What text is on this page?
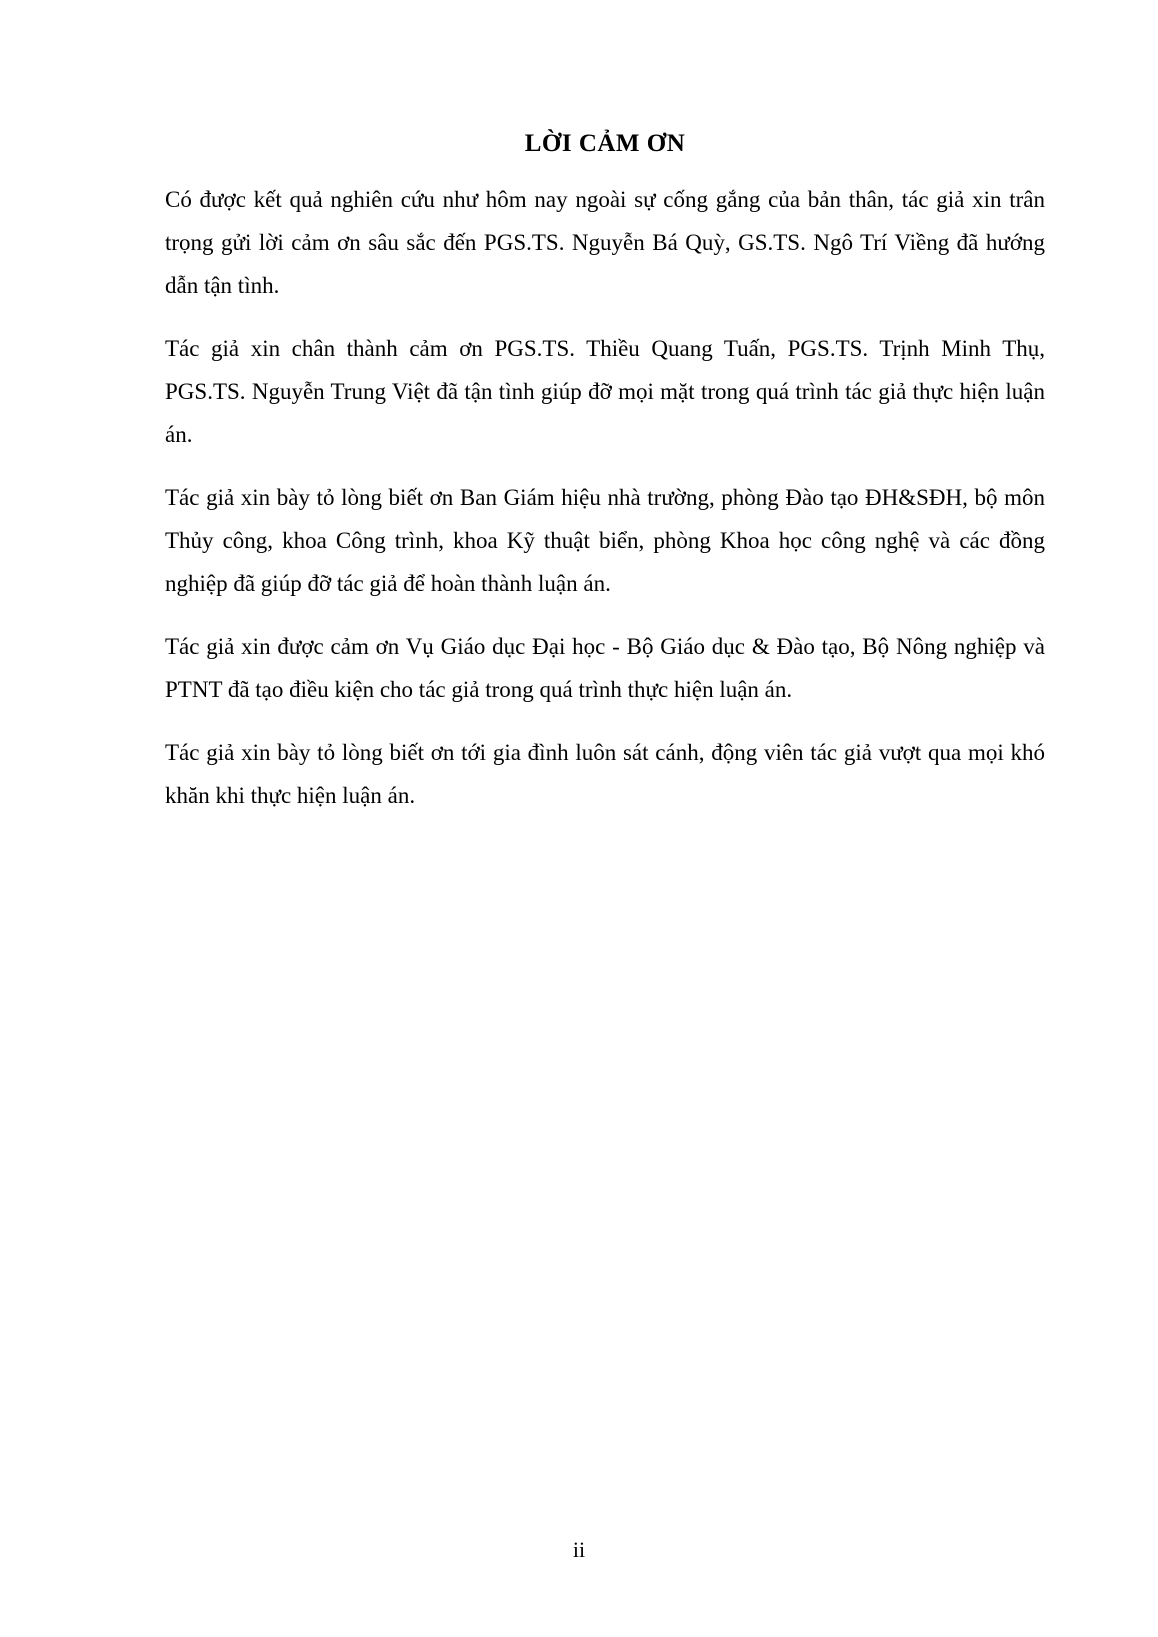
LỜI CẢM ƠN

Có được kết quả nghiên cứu như hôm nay ngoài sự cống gắng của bản thân, tác giả xin trân trọng gửi lời cảm ơn sâu sắc đến PGS.TS. Nguyễn Bá Quỳ, GS.TS. Ngô Trí Viềng đã hướng dẫn tận tình.

Tác giả xin chân thành cảm ơn PGS.TS. Thiều Quang Tuấn, PGS.TS. Trịnh Minh Thụ, PGS.TS. Nguyễn Trung Việt đã tận tình giúp đỡ mọi mặt trong quá trình tác giả thực hiện luận án.

Tác giả xin bày tỏ lòng biết ơn Ban Giám hiệu nhà trường, phòng Đào tạo ĐH&SĐH, bộ môn Thủy công, khoa Công trình, khoa Kỹ thuật biển, phòng Khoa học công nghệ và các đồng nghiệp đã giúp đỡ tác giả để hoàn thành luận án.

Tác giả xin được cảm ơn Vụ Giáo dục Đại học - Bộ Giáo dục & Đào tạo, Bộ Nông nghiệp và PTNT đã tạo điều kiện cho tác giả trong quá trình thực hiện luận án.

Tác giả xin bày tỏ lòng biết ơn tới gia đình luôn sát cánh, động viên tác giả vượt qua mọi khó khăn khi thực hiện luận án.

ii
